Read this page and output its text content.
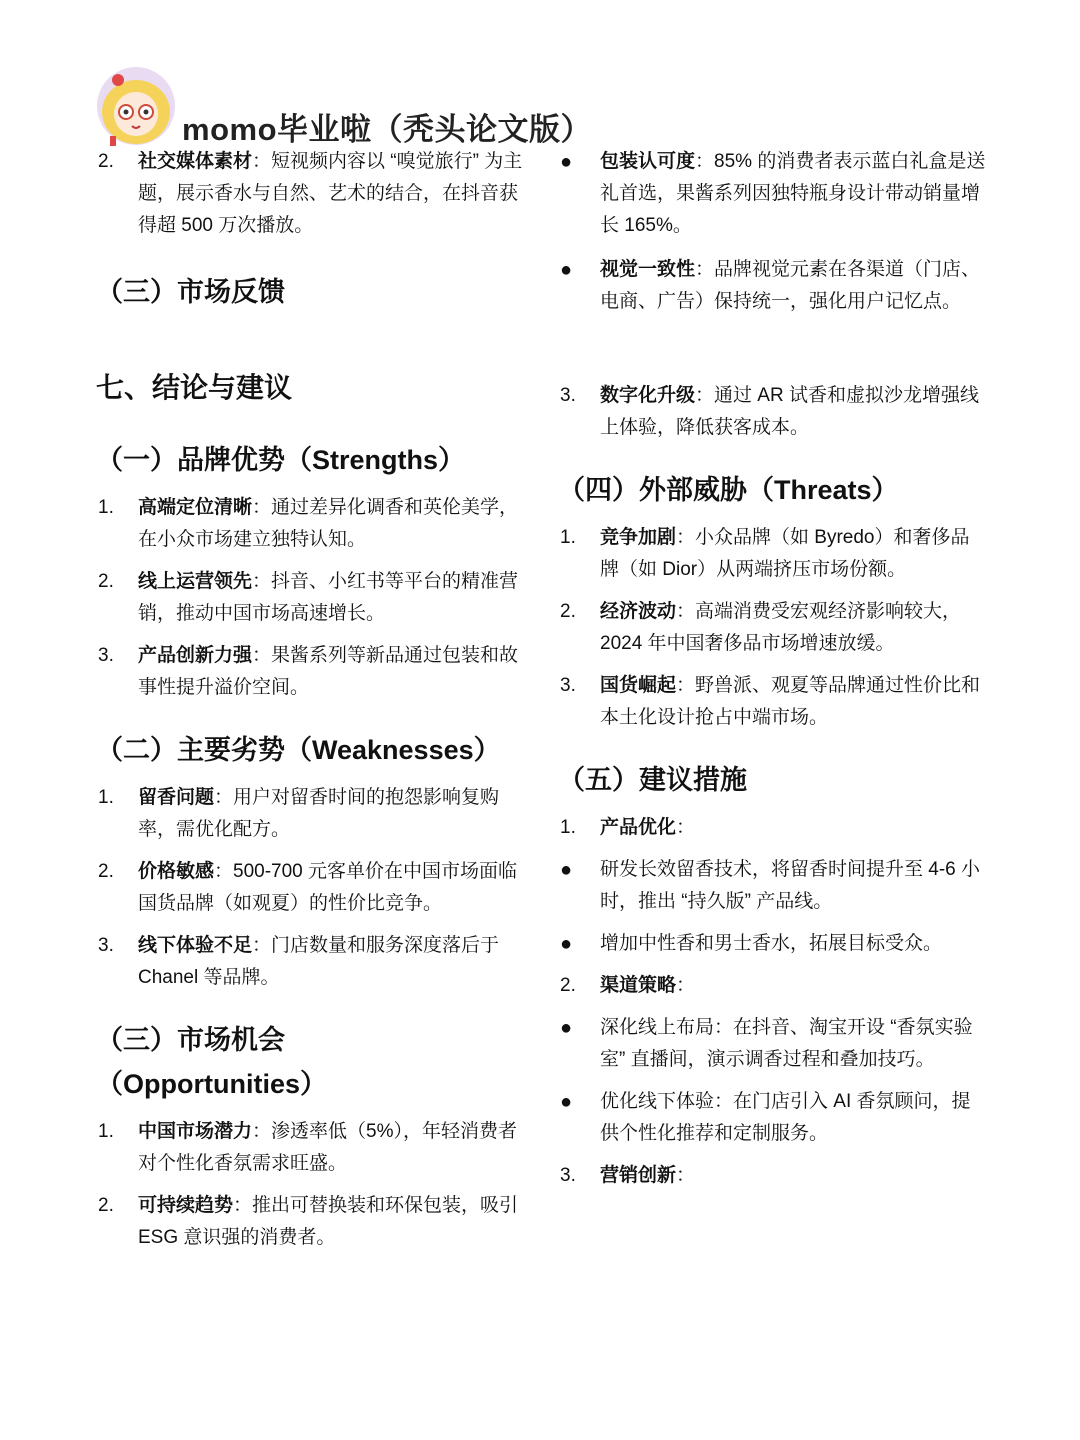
momo毕业啦（秃头论文版）
2. 社交媒体素材：短视频内容以 “嗅觉旅行” 为主题，展示香水与自然、艺术的结合，在抖音获得超 500 万次播放。
（三）市场反馈
七、结论与建议
（一）品牌优势（Strengths）
1. 高端定位清晰：通过差异化调香和英伦美学，在小众市场建立独特认知。
2. 线上运营领先：抖音、小红书等平台的精准营销，推动中国市场高速增长。
3. 产品创新力强：果酱系列等新品通过包装和故事性提升溢价空间。
（二）主要劣势（Weaknesses）
1. 留香问题：用户对留香时间的抱怨影响复购率，需优化配方。
2. 价格敏感：500-700 元客单价在中国市场面临国货品牌（如观夏）的性价比竞争。
3. 线下体验不足：门店数量和服务深度落后于 Chanel 等品牌。
（三）市场机会
（Opportunities）
1. 中国市场潜力：渗透率低（5%），年轻消费者对个性化香氛需求旺盛。
2. 可持续趋势：推出可替换装和环保包装，吸引 ESG 意识强的消费者。
● 包装认可度：85% 的消费者表示蓝白礼盒是送礼首选，果酱系列因独特瓶身设计带动销量增长 165%。
● 视觉一致性：品牌视觉元素在各渠道（门店、电商、广告）保持统一，强化用户记忆点。
3. 数字化升级：通过 AR 试香和虚拟沙龙增强线上体验，降低获客成本。
（四）外部威胁（Threats）
1. 竞争加剧：小众品牌（如 Byredo）和奢侈品牌（如 Dior）从两端挤压市场份额。
2. 经济波动：高端消费受宏观经济影响较大，2024 年中国奢侈品市场增速放缓。
3. 国货崛起：野兽派、观夏等品牌通过性价比和本土化设计抢占中端市场。
（五）建议措施
1. 产品优化：
● 研发长效留香技术，将留香时间提升至 4-6 小时，推出 “持久版” 产品线。
● 增加中性香和男士香水，拓展目标受众。
2. 渠道策略：
● 深化线上布局：在抖音、淘宝开设 “香氛实验室” 直播间，演示调香过程和叠加技巧。
● 优化线下体验：在门店引入 AI 香氛顾问，提供个性化推荐和定制服务。
3. 营销创新：
